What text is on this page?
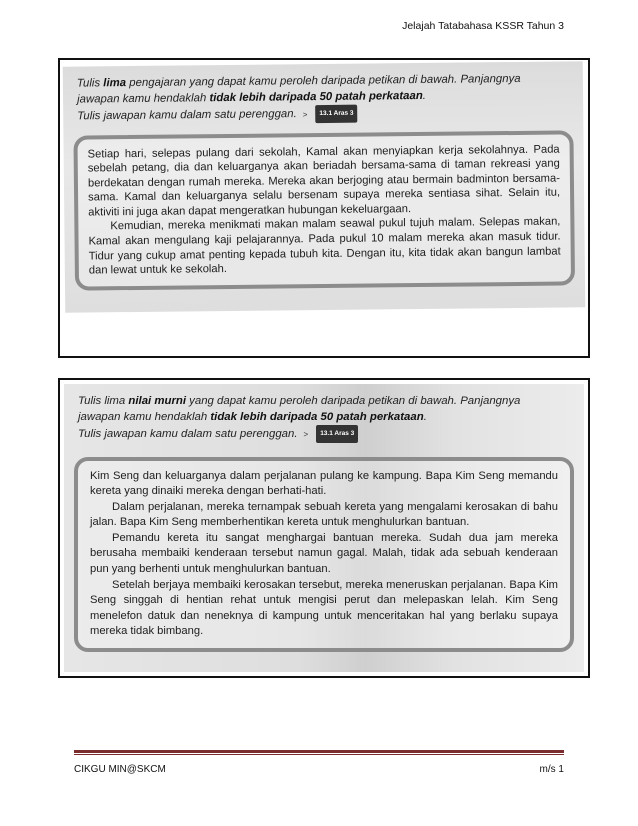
Jelajah Tatabahasa KSSR Tahun 3
Tulis lima pengajaran yang dapat kamu peroleh daripada petikan di bawah. Panjangnya
jawapan kamu hendaklah tidak lebih daripada 50 patah perkataan.
Tulis jawapan kamu dalam satu perenggan. > 13.1 Aras 3

Setiap hari, selepas pulang dari sekolah, Kamal akan menyiapkan kerja sekolahnya. Pada sebelah petang, dia dan keluarganya akan beriadah bersama-sama di taman rekreasi yang berdekatan dengan rumah mereka. Mereka akan berjoging atau bermain badminton bersama-sama. Kamal dan keluarganya selalu bersenam supaya mereka sentiasa sihat. Selain itu, aktiviti ini juga akan dapat mengeratkan hubungan kekeluargaan.

Kemudian, mereka menikmati makan malam seawal pukul tujuh malam. Selepas makan, Kamal akan mengulang kaji pelajarannya. Pada pukul 10 malam mereka akan masuk tidur. Tidur yang cukup amat penting kepada tubuh kita. Dengan itu, kita tidak akan bangun lambat dan lewat untuk ke sekolah.

Tulis lima nilai murni yang dapat kamu peroleh daripada petikan di bawah. Panjangnya
jawapan kamu hendaklah tidak lebih daripada 50 patah perkataan.
Tulis jawapan kamu dalam satu perenggan. > 13.1 Aras 3

Kim Seng dan keluarganya dalam perjalanan pulang ke kampung. Bapa Kim Seng memandu kereta yang dinaiki mereka dengan berhati-hati.

Dalam perjalanan, mereka ternampak sebuah kereta yang mengalami kerosakan di bahu jalan. Bapa Kim Seng memberhentikan kereta untuk menghulurkan bantuan.

Pemandu kereta itu sangat menghargai bantuan mereka. Sudah dua jam mereka berusaha membaiki kenderaan tersebut namun gagal. Malah, tidak ada sebuah kenderaan pun yang berhenti untuk menghulurkan bantuan.

Setelah berjaya membaiki kerosakan tersebut, mereka meneruskan perjalanan. Bapa Kim Seng singgah di hentian rehat untuk mengisi perut dan melepaskan lelah. Kim Seng menelefon datuk dan neneknya di kampung untuk menceritakan hal yang berlaku supaya mereka tidak bimbang.

CIKGU MIN@SKCM	m/s 1
